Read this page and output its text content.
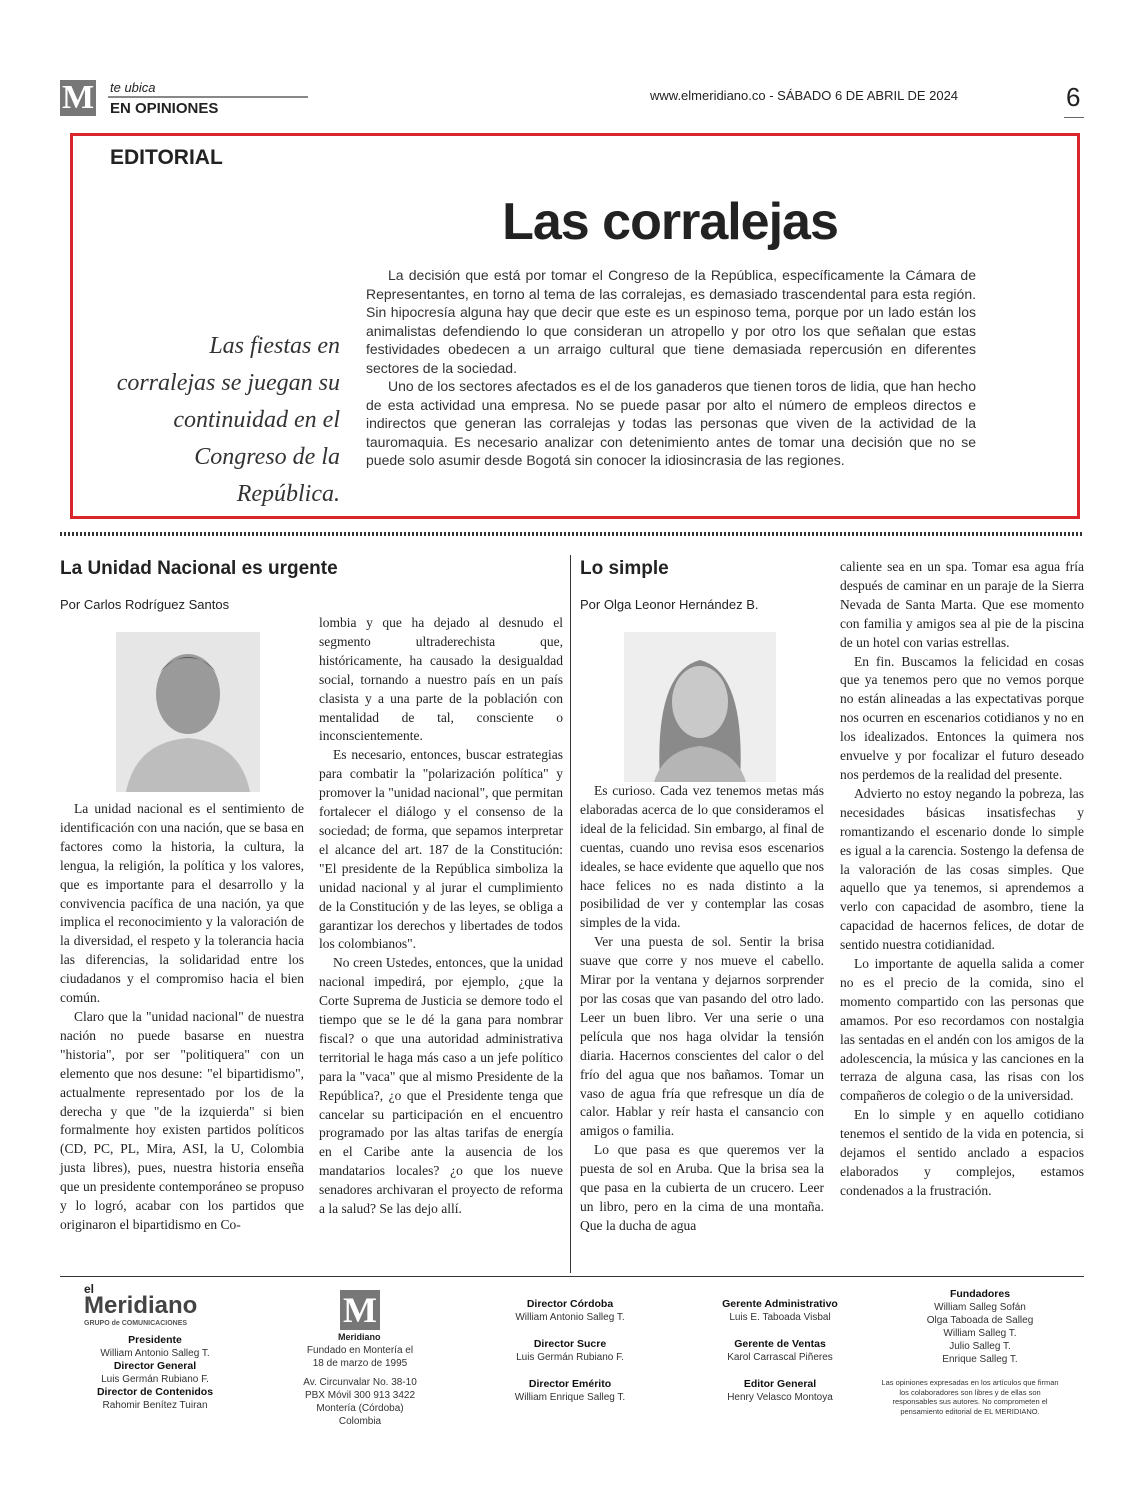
M te ubica
EN OPINIONES
www.elmeridiano.co - SÁBADO 6 DE ABRIL DE 2024	6
EDITORIAL
Las corralejas
Las fiestas en corralejas se juegan su continuidad en el Congreso de la República.

La decisión que está por tomar el Congreso de la República, específicamente la Cámara de Representantes, en torno al tema de las corralejas, es demasiado trascendental para esta región. Sin hipocresía alguna hay que decir que este es un espinoso tema, porque por un lado están los animalistas defendiendo lo que consideran un atropello y por otro los que señalan que estas festividades obedecen a un arraigo cultural que tiene demasiada repercusión en diferentes sectores de la sociedad.

Uno de los sectores afectados es el de los ganaderos que tienen toros de lidia, que han hecho de esta actividad una empresa. No se puede pasar por alto el número de empleos directos e indirectos que generan las corralejas y todas las personas que viven de la actividad de la tauromaquia. Es necesario analizar con detenimiento antes de tomar una decisión que no se puede solo asumir desde Bogotá sin conocer la idiosincrasia de las regiones.

La Unidad Nacional es urgente
Por Carlos Rodríguez Santos

La unidad nacional es el sentimiento de identificación con una nación, que se basa en factores como la historia, la cultura, la lengua, la religión, la política y los valores, que es importante para el desarrollo y la convivencia pacífica de una nación, ya que implica el reconocimiento y la valoración de la diversidad, el respeto y la tolerancia hacia las diferencias, la solidaridad entre los ciudadanos y el compromiso hacia el bien común.

Claro que la "unidad nacional" de nuestra nación no puede basarse en nuestra "historia", por ser "politiquera" con un elemento que nos desune: "el bipartidismo", actualmente representado por los de la derecha y que "de la izquierda" si bien formalmente hoy existen partidos políticos (CD, PC, PL, Mira, ASI, la U, Colombia justa libres), pues, nuestra historia enseña que un presidente contemporáneo se propuso y lo logró, acabar con los partidos que originaron el bipartidismo en Co-

lombia y que ha dejado al desnudo el segmento ultraderechista que, históricamente, ha causado la desigualdad social, tornando a nuestro país en un país clasista y a una parte de la población con mentalidad de tal, consciente o inconscientemente.

Es necesario, entonces, buscar estrategias para combatir la "polarización política" y promover la "unidad nacional", que permitan fortalecer el diálogo y el consenso de la sociedad; de forma, que sepamos interpretar el alcance del art. 187 de la Constitución: "El presidente de la República simboliza la unidad nacional y al jurar el cumplimiento de la Constitución y de las leyes, se obliga a garantizar los derechos y libertades de todos los colombianos".

No creen Ustedes, entonces, que la unidad nacional impedirá, por ejemplo, ¿que la Corte Suprema de Justicia se demore todo el tiempo que se le dé la gana para nombrar fiscal? o que una autoridad administrativa territorial le haga más caso a un jefe político para la "vaca" que al mismo Presidente de la República?, ¿o que el Presidente tenga que cancelar su participación en el encuentro programado por las altas tarifas de energía en el Caribe ante la ausencia de los mandatarios locales? ¿o que los nueve senadores archivaran el proyecto de reforma a la salud? Se las dejo allí.

Lo simple
Por Olga Leonor Hernández B.

Es curioso. Cada vez tenemos metas más elaboradas acerca de lo que consideramos el ideal de la felicidad. Sin embargo, al final de cuentas, cuando uno revisa esos escenarios ideales, se hace evidente que aquello que nos hace felices no es nada distinto a la posibilidad de ver y contemplar las cosas simples de la vida.

Ver una puesta de sol. Sentir la brisa suave que corre y nos mueve el cabello. Mirar por la ventana y dejarnos sorprender por las cosas que van pasando del otro lado. Leer un buen libro. Ver una serie o una película que nos haga olvidar la tensión diaria. Hacernos conscientes del calor o del frío del agua que nos bañamos. Tomar un vaso de agua fría que refresque un día de calor. Hablar y reír hasta el cansancio con amigos o familia.

Lo que pasa es que queremos ver la puesta de sol en Aruba. Que la brisa sea la que pasa en la cubierta de un crucero. Leer un libro, pero en la cima de una montaña. Que la ducha de agua

caliente sea en un spa. Tomar esa agua fría después de caminar en un paraje de la Sierra Nevada de Santa Marta. Que ese momento con familia y amigos sea al pie de la piscina de un hotel con varias estrellas.

En fin. Buscamos la felicidad en cosas que ya tenemos pero que no vemos porque no están alineadas a las expectativas porque nos ocurren en escenarios cotidianos y no en los idealizados. Entonces la quimera nos envuelve y por focalizar el futuro deseado nos perdemos de la realidad del presente.

Advierto no estoy negando la pobreza, las necesidades básicas insatisfechas y romantizando el escenario donde lo simple es igual a la carencia. Sostengo la defensa de la valoración de las cosas simples. Que aquello que ya tenemos, si aprendemos a verlo con capacidad de asombro, tiene la capacidad de hacernos felices, de dotar de sentido nuestra cotidianidad.

Lo importante de aquella salida a comer no es el precio de la comida, sino el momento compartido con las personas que amamos. Por eso recordamos con nostalgia las sentadas en el andén con los amigos de la adolescencia, la música y las canciones en la terraza de alguna casa, las risas con los compañeros de colegio o de la universidad.

En lo simple y en aquello cotidiano tenemos el sentido de la vida en potencia, si dejamos el sentido anclado a espacios elaborados y complejos, estamos condenados a la frustración.

el
Meridiano
GRUPO de COMUNICACIONES
Presidente
William Antonio Salleg T.
Director General
Luis Germán Rubiano F.
Director de Contenidos
Rahomir Benítez Tuiran
M
Meridiano
Fundado en Montería el 18 de marzo de 1995
Av. Circunvalar No. 38-10 PBX Móvil 300 913 3422 Montería (Córdoba) Colombia
Director Córdoba
William Antonio Salleg T.
Director Sucre
Luis Germán Rubiano F.
Director Emérito
William Enrique Salleg T.
Gerente Administrativo
Luis E. Taboada Visbal
Gerente de Ventas
Karol Carrascal Piñeres
Editor General
Henry Velasco Montoya
Fundadores
William Salleg Sofán
Olga Taboada de Salleg
William Salleg T.
Julio Salleg T.
Enrique Salleg T.
Las opiniones expresadas en los artículos que firman los colaboradores son libres y de ellas son responsables sus autores. No comprometen el pensamiento editorial de EL MERIDIANO.
